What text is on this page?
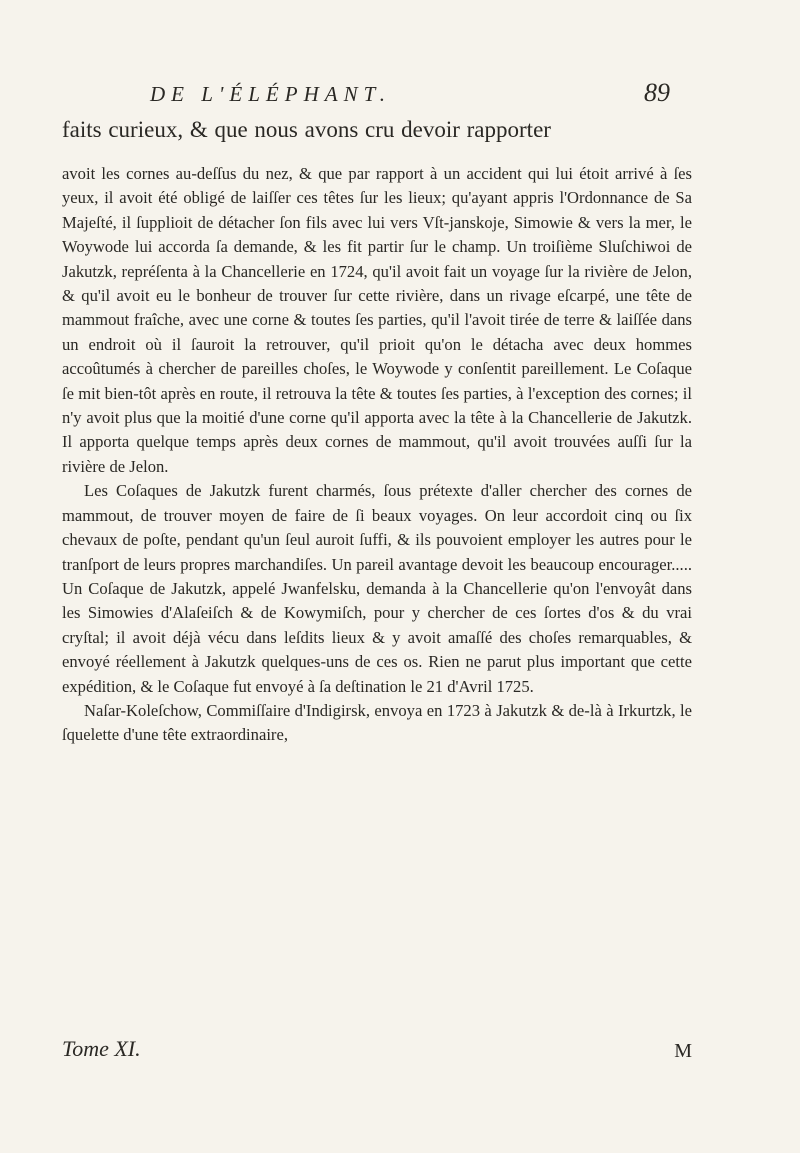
DE L'ÉLÉPHANT.	89
faits curieux, & que nous avons cru devoir rapporter

avoit les cornes au-deſſus du nez, & que par rapport à un accident qui lui étoit arrivé à ſes yeux, il avoit été obligé de laiſſer ces têtes ſur les lieux; qu'ayant appris l'Ordonnance de Sa Majeſté, il ſupplioit de détacher ſon fils avec lui vers Vſt-janskoje, Simowie & vers la mer, le Woywode lui accorda ſa demande, & les fit partir ſur le champ. Un troiſième Sluſchiwoi de Jakutzk, repréſenta à la Chancellerie en 1724, qu'il avoit fait un voyage ſur la rivière de Jelon, & qu'il avoit eu le bonheur de trouver ſur cette rivière, dans un rivage eſcarpé, une tête de mammout fraîche, avec une corne & toutes ſes parties, qu'il l'avoit tirée de terre & laiſſée dans un endroit où il ſauroit la retrouver, qu'il prioit qu'on le détacha avec deux hommes accoûtumés à chercher de pareilles choſes, le Woywode y conſentit pareillement. Le Coſaque ſe mit bien-tôt après en route, il retrouva la tête & toutes ſes parties, à l'exception des cornes; il n'y avoit plus que la moitié d'une corne qu'il apporta avec la tête à la Chancellerie de Jakutzk. Il apporta quelque temps après deux cornes de mammout, qu'il avoit trouvées auſſi ſur la rivière de Jelon.

Les Coſaques de Jakutzk furent charmés, ſous prétexte d'aller chercher des cornes de mammout, de trouver moyen de faire de ſi beaux voyages. On leur accordoit cinq ou ſix chevaux de poſte, pendant qu'un ſeul auroit ſuffi, & ils pouvoient employer les autres pour le tranſport de leurs propres marchandiſes. Un pareil avantage devoit les beaucoup encourager..... Un Coſaque de Jakutzk, appelé Jwanfelsku, demanda à la Chancellerie qu'on l'envoyât dans les Simowies d'Alaſeiſch & de Kowymiſch, pour y chercher de ces ſortes d'os & du vrai cryſtal; il avoit déjà vécu dans leſdits lieux & y avoit amaſſé des choſes remarquables, & envoyé réellement à Jakutzk quelques-uns de ces os. Rien ne parut plus important que cette expédition, & le Coſaque fut envoyé à ſa deſtination le 21 d'Avril 1725.

Naſar-Koleſchow, Commiſſaire d'Indigirsk, envoya en 1723 à Jakutzk & de-là à Irkurtzk, le ſquelette d'une tête extraordinaire,

Tome XI.	M
